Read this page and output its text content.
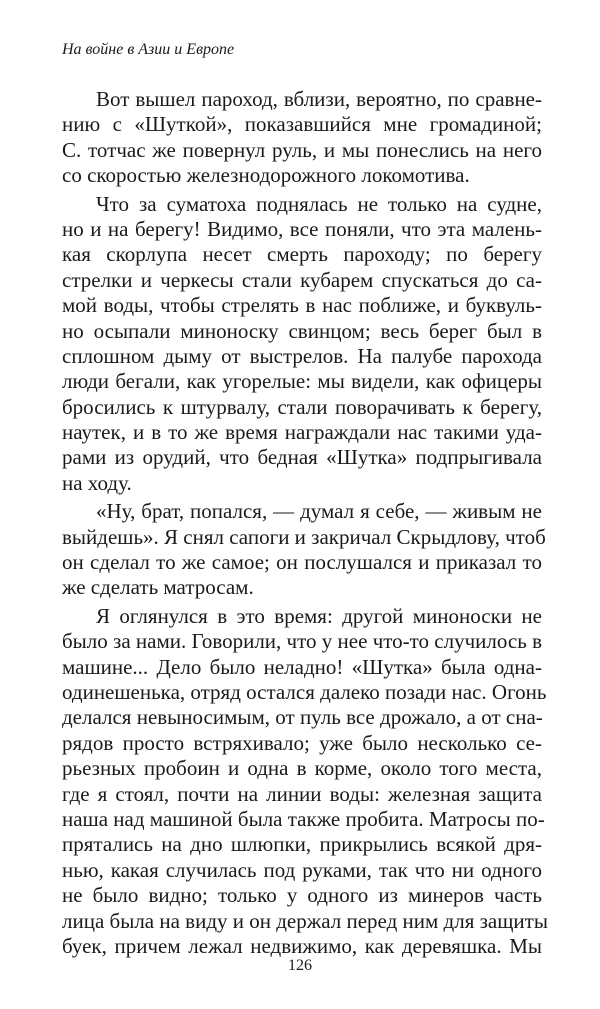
На войне в Азии и Европе
Вот вышел пароход, вблизи, вероятно, по сравне-
нию с «Шуткой», показавшийся мне громадиной;
С. тотчас же повернул руль, и мы понеслись на него
со скоростью железнодорожного локомотива.
Что за суматоха поднялась не только на судне,
но и на берегу! Видимо, все поняли, что эта малень-
кая скорлупа несет смерть пароходу; по берегу
стрелки и черкесы стали кубарем спускаться до са-
мой воды, чтобы стрелять в нас поближе, и буквуль-
но осыпали миноноску свинцом; весь берег был в
сплошном дыму от выстрелов. На палубе парохода
люди бегали, как угорелые: мы видели, как офицеры
бросились к штурвалу, стали поворачивать к берегу,
наутек, и в то же время награждали нас такими уда-
рами из орудий, что бедная «Шутка» подпрыгивала
на ходу.
«Ну, брат, попался, — думал я себе, — живым не
выйдешь». Я снял сапоги и закричал Скрыдлову, чтоб
он сделал то же самое; он послушался и приказал то
же сделать матросам.
Я оглянулся в это время: другой миноноски не
было за нами. Говорили, что у нее что-то случилось в
машине... Дело было неладно! «Шутка» была одна-
одинешенька, отряд остался далеко позади нас. Огонь
делался невыносимым, от пуль все дрожало, а от сна-
рядов просто встряхивало; уже было несколько се-
рьезных пробоин и одна в корме, около того места,
где я стоял, почти на линии воды: железная защита
наша над машиной была также пробита. Матросы по-
прятались на дно шлюпки, прикрылись всякой дря-
нью, какая случилась под руками, так что ни одного
не было видно; только у одного из минеров часть
лица была на виду и он держал перед ним для защиты
буек, причем лежал недвижимо, как деревяшка. Мы
126
